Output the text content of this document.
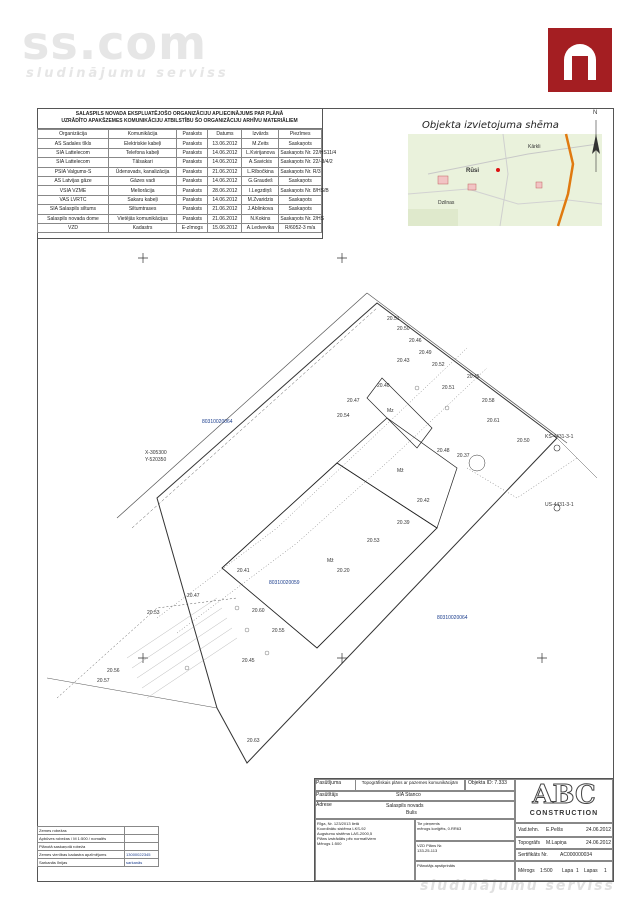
ss.com
sludinājumu serviss
sludinājumu serviss
SALASPILS NOVADA EKSPLUATĒJOŠO ORGANIZĀCIJU APLIECINĀJUMS PAR PLĀNĀ
UZRĀDĪTO APAKŠZEMES KOMUNIKĀCIJU ATBILSTĪBU ŠO ORGANIZĀCIJU ARHĪVU MATERIĀLIEM
Organizācija	Komunikācija	Paraksts	Datums	Izvārds	Piezīmes
AS Sadales tīkls	Elektriskie kabeļi	Paraksts	13.06.2012	M.Zeits	Saskaņots
SIA Lattelecom	Telefona kabeļi	Paraksts	14.06.2012	L.Kvirijanova	Saskaņots Nr. 22/HS11/4
SIA Lattelecom	Tālsakari	Paraksts	14.06.2012	A.Savickis	Saskaņots Nr. 22/-3/4/2
PSIA Valgums-S	Ūdensvads, kanalizācija	Paraksts	21.06.2012	L.Rībočkina	Saskaņots Nr. R/3
AS Latvijas gāze	Gāzes vadi	Paraksts	14.06.2012	G.Graudeš	Saskaņots
VSIA VZME	Meliorācija	Paraksts	28.06.2012	I.Legzdiņš	Saskaņots Nr. 8/HS/B
VAS LVRTC	Sakaru kabeļi	Paraksts	14.06.2012	M.Zvaridzis	Saskaņots
SIA Salaspils siltums	Siltumtrases	Paraksts	21.06.2012	J.Ablinkova	Saskaņots
Salaspils novada dome	Vietējās komunikācijas	Paraksts	21.06.2012	N.Kokins	Saskaņots Nr. 2/HS
VZD	Kadastrs	E-zīmogs	15.06.2012	A.Ledvevika	R/6052-3 m/a
Objekta izvietojuma shēma
Rūsi
Kārkli
Dzilnas
N
80310020064
80310020059
80310020064
X-305300
Y-520350
KS-4431-3-1
US-4431-3-1
Mž
Mž
Mz
20.51
20.50
20.46
20.49
20.52
20.43
20.40
20.47
20.54
20.51
20.45
20.58
20.61
20.48
20.37
20.42
20.39
20.53
20.20
20.41
20.47
20.53
20.56
20.57
20.60
20.55
20.45
20.63
20.50
Zemes robežas	
Apbūves robežas / M 1:500 / nomalēs	
Plānotā saskaņotā robeža	
Zemes vienības kadastra apzīmējums	13000022345
Sarkanās līnijas	sarkanās
Pasūtījuma	Topogrāfiskais plāns ar pazemes komunikācijām	Objekta ID: 7.333
Pasūtītājs	SIA Stanco
Adrese	Salaspils novads
Bulis
Rīga, Nr. 123/2013 lietā
Koordinātu sistēma LKS-92
Augstumu sistēma LAS-2000,5
Plāns izstrādāts pēc normatīviem
Mērogs 1:500
Tie pieņemts
mērogs koriģēts, 0.RR63
VZD Plāns Nr.
133-25-113
Plānotājs apstiprināts
ABC
CONSTRUCTION
Vad.tehn. E.Pelšs	24.06.2012
Topogrāfs M.Lapiņa	24.06.2012
Sertifikāts Nr. AC000000034
Mērogs 1:500 Lapa 1 Lapas 1
